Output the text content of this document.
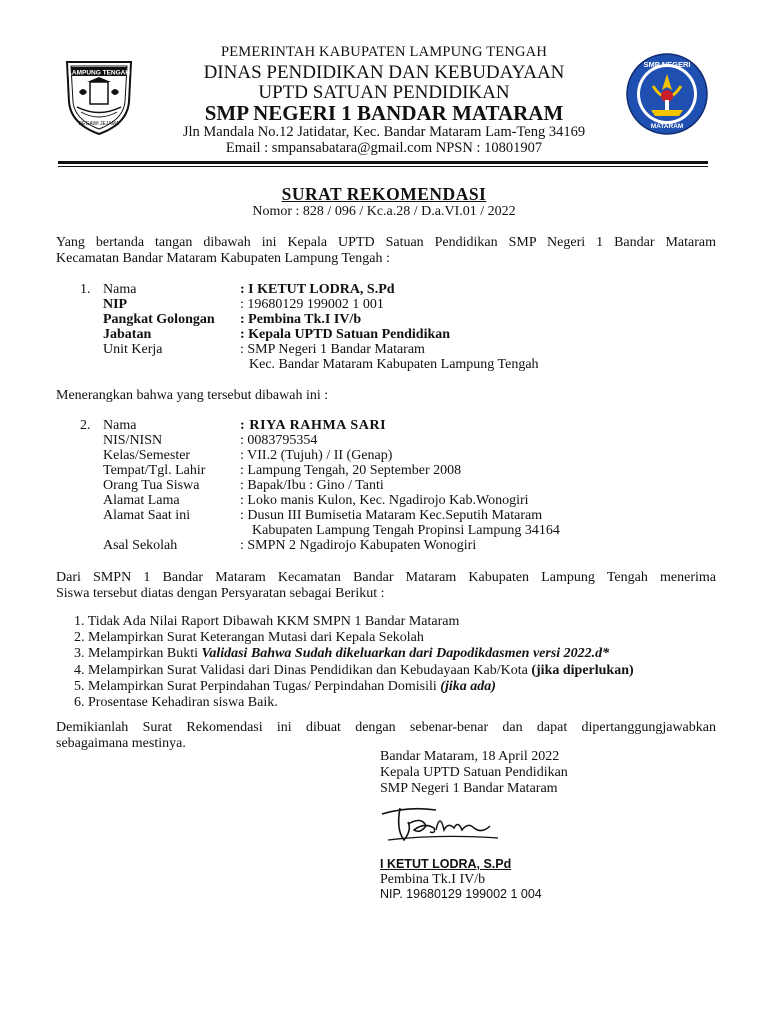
LAMPUNG TENGAH
BEGAWI JEJAMA
SMP NEGERI
MATARAM
PEMERINTAH KABUPATEN LAMPUNG TENGAH
DINAS PENDIDIKAN DAN KEBUDAYAAN
UPTD SATUAN PENDIDIKAN
SMP NEGERI 1 BANDAR MATARAM
Jln Mandala No.12 Jatidatar, Kec. Bandar Mataram Lam-Teng 34169
Email : smpansabatara@gmail.com NPSN : 10801907
SURAT REKOMENDASI
Nomor : 828 / 096 / Kc.a.28 / D.a.VI.01 / 2022
Yang bertanda tangan dibawah ini Kepala UPTD Satuan Pendidikan SMP Negeri 1 Bandar Mataram
Kecamatan Bandar Mataram Kabupaten Lampung Tengah :
1. Nama	: I KETUT LODRA, S.Pd
NIP	: 19680129 199002 1 001
Pangkat Golongan : Pembina Tk.I IV/b
Jabatan	: Kepala UPTD Satuan Pendidikan
Unit Kerja	: SMP Negeri 1 Bandar Mataram
Kec. Bandar Mataram Kabupaten Lampung Tengah
Menerangkan bahwa yang tersebut dibawah ini :
2. Nama	: RIYA RAHMA SARI
NIS/NISN	: 0083795354
Kelas/Semester	: VII.2 (Tujuh) / II (Genap)
Tempat/Tgl. Lahir : Lampung Tengah, 20 September 2008
Orang Tua Siswa	: Bapak/Ibu : Gino / Tanti
Alamat Lama	: Loko manis Kulon, Kec. Ngadirojo Kab.Wonogiri
Alamat Saat ini	: Dusun III Bumisetia Mataram Kec.Seputih Mataram
Kabupaten Lampung Tengah Propinsi Lampung 34164
Asal Sekolah	: SMPN 2 Ngadirojo Kabupaten Wonogiri
Dari SMPN 1 Bandar Mataram Kecamatan Bandar Mataram Kabupaten Lampung Tengah menerima
Siswa tersebut diatas dengan Persyaratan sebagai Berikut :
1. Tidak Ada Nilai Raport Dibawah KKM SMPN 1 Bandar Mataram
2. Melampirkan Surat Keterangan Mutasi dari Kepala Sekolah
3. Melampirkan Bukti Validasi Bahwa Sudah dikeluarkan dari Dapodikdasmen versi 2022.d*
4. Melampirkan Surat Validasi dari Dinas Pendidikan dan Kebudayaan Kab/Kota (jika diperlukan)
5. Melampirkan Surat Perpindahan Tugas/ Perpindahan Domisili (jika ada)
6. Prosentase Kehadiran siswa Baik.
Demikianlah Surat Rekomendasi ini dibuat dengan sebenar-benar dan dapat dipertanggungjawabkan
sebagaimana mestinya.
Bandar Mataram, 18 April 2022
Kepala UPTD Satuan Pendidikan
SMP Negeri 1 Bandar Mataram
I KETUT LODRA, S.Pd
Pembina Tk.I IV/b
NIP. 19680129 199002 1 004
